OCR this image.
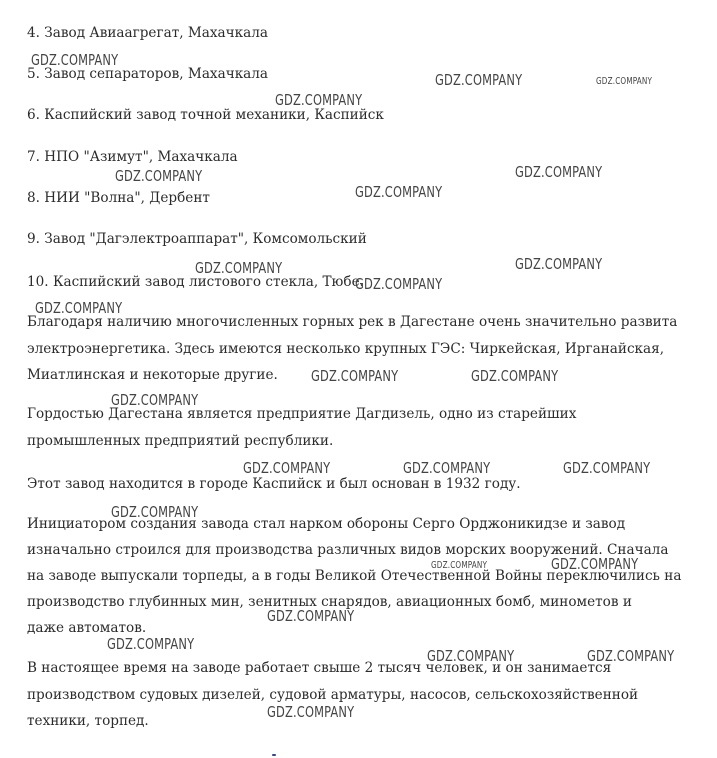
4. Завод Авиаагрегат, Махачкала

5. Завод сепараторов, Махачкала

6. Каспийский завод точной механики, Каспийск

7. НПО "Азимут", Махачкала

8. НИИ "Волна", Дербент

9. Завод "Дагэлектроаппарат", Комсомольский

10. Каспийский завод листового стекла, Тюбе.

Благодаря наличию многочисленных горных рек в Дагестане очень значительно развита

электроэнергетика. Здесь имеются несколько крупных ГЭС: Чиркейская, Ирганайская,

Миатлинская и некоторые другие.

Гордостью Дагестана является предприятие Дагдизель, одно из старейших

промышленных предприятий республики.

Этот завод находится в городе Каспийск и был основан в 1932 году.

Инициатором создания завода стал нарком обороны Серго Орджоникидзе и завод

изначально строился для производства различных видов морских вооружений. Сначала

на заводе выпускали торпеды, а в годы Великой Отечественной Войны переключились на

производство глубинных мин, зенитных снарядов, авиационных бомб, минометов и

даже автоматов.

В настоящее время на заводе работает свыше 2 тысяч человек, и он занимается

производством судовых дизелей, судовой арматуры, насосов, сельскохозяйственной

техники, торпед.

GDZ.COMPANY
GDZ.COMPANY	GDZ.COMPANY
GDZ.COMPANY
GDZ.COMPANY	GDZ.COMPANY
GDZ.COMPANY
GDZ.COMPANY	GDZ.COMPANY
GDZ.COMPANY
GDZ.COMPANY
GDZ.COMPANY	GDZ.COMPANY
GDZ.COMPANY
GDZ.COMPANY	GDZ.COMPANY	GDZ.COMPANY
GDZ.COMPANY
GDZ.COMPANY	GDZ.COMPANY
GDZ.COMPANY
GDZ.COMPANY
GDZ.COMPANY	GDZ.COMPANY
GDZ.COMPANY
